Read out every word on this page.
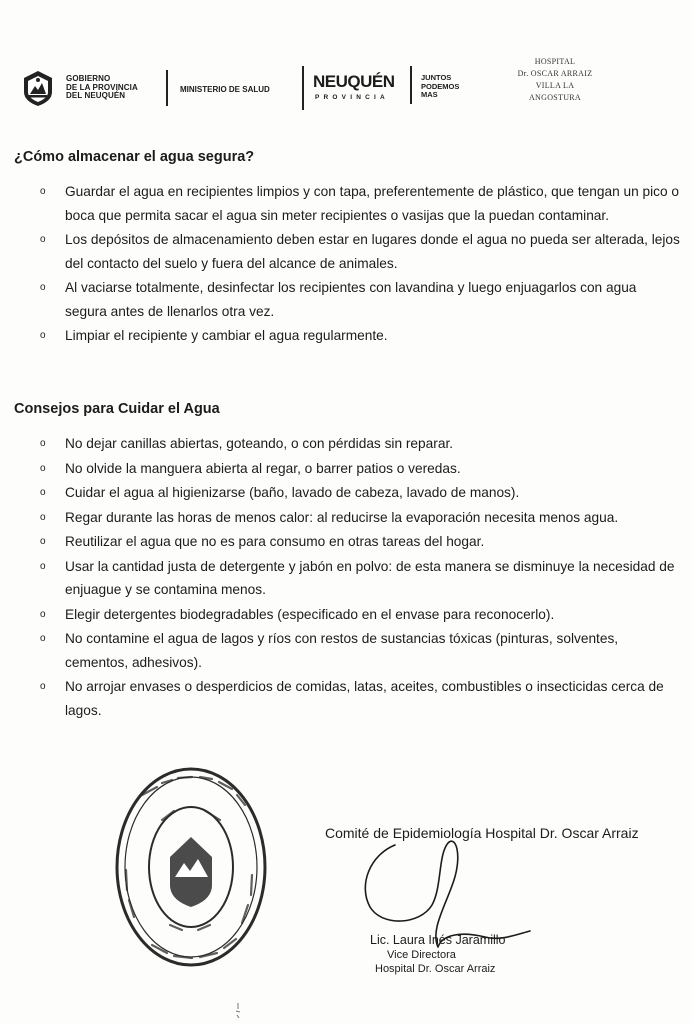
GOBIERNO
DE LA PROVINCIA
DEL NEUQUÉN
MINISTERIO DE SALUD	NEUQUÉN
PROVINCIA
JUNTOS
PODEMOS
MAS
HOSPITAL
Dr. OSCAR ARRAIZ
VILLA LA
ANGOSTURA
¿Cómo almacenar el agua segura?
o Guardar el agua en recipientes limpios y con tapa, preferentemente de plástico, que tengan un pico o boca que permita sacar el agua sin meter recipientes o vasijas que la puedan contaminar.
o Los depósitos de almacenamiento deben estar en lugares donde el agua no pueda ser alterada, lejos del contacto del suelo y fuera del alcance de animales.
o Al vaciarse totalmente, desinfectar los recipientes con lavandina y luego enjuagarlos con agua segura antes de llenarlos otra vez.
o Limpiar el recipiente y cambiar el agua regularmente.
Consejos para Cuidar el Agua
o No dejar canillas abiertas, goteando, o con pérdidas sin reparar.
o No olvide la manguera abierta al regar, o barrer patios o veredas.
o Cuidar el agua al higienizarse (baño, lavado de cabeza, lavado de manos).
o Regar durante las horas de menos calor: al reducirse la evaporación necesita menos agua.
o Reutilizar el agua que no es para consumo en otras tareas del hogar.
o Usar la cantidad justa de detergente y jabón en polvo: de esta manera se disminuye la necesidad de enjuague y se contamina menos.
o Elegir detergentes biodegradables (especificado en el envase para reconocerlo).
o No contamine el agua de lagos y ríos con restos de sustancias tóxicas (pinturas, solventes, cementos, adhesivos).
o No arrojar envases o desperdicios de comidas, latas, aceites, combustibles o insecticidas cerca de lagos.
Comité de Epidemiología Hospital Dr. Oscar Arraiz
Lic. Laura Inés Jaramillo
Vice Directora
Hospital Dr. Oscar Arraiz
